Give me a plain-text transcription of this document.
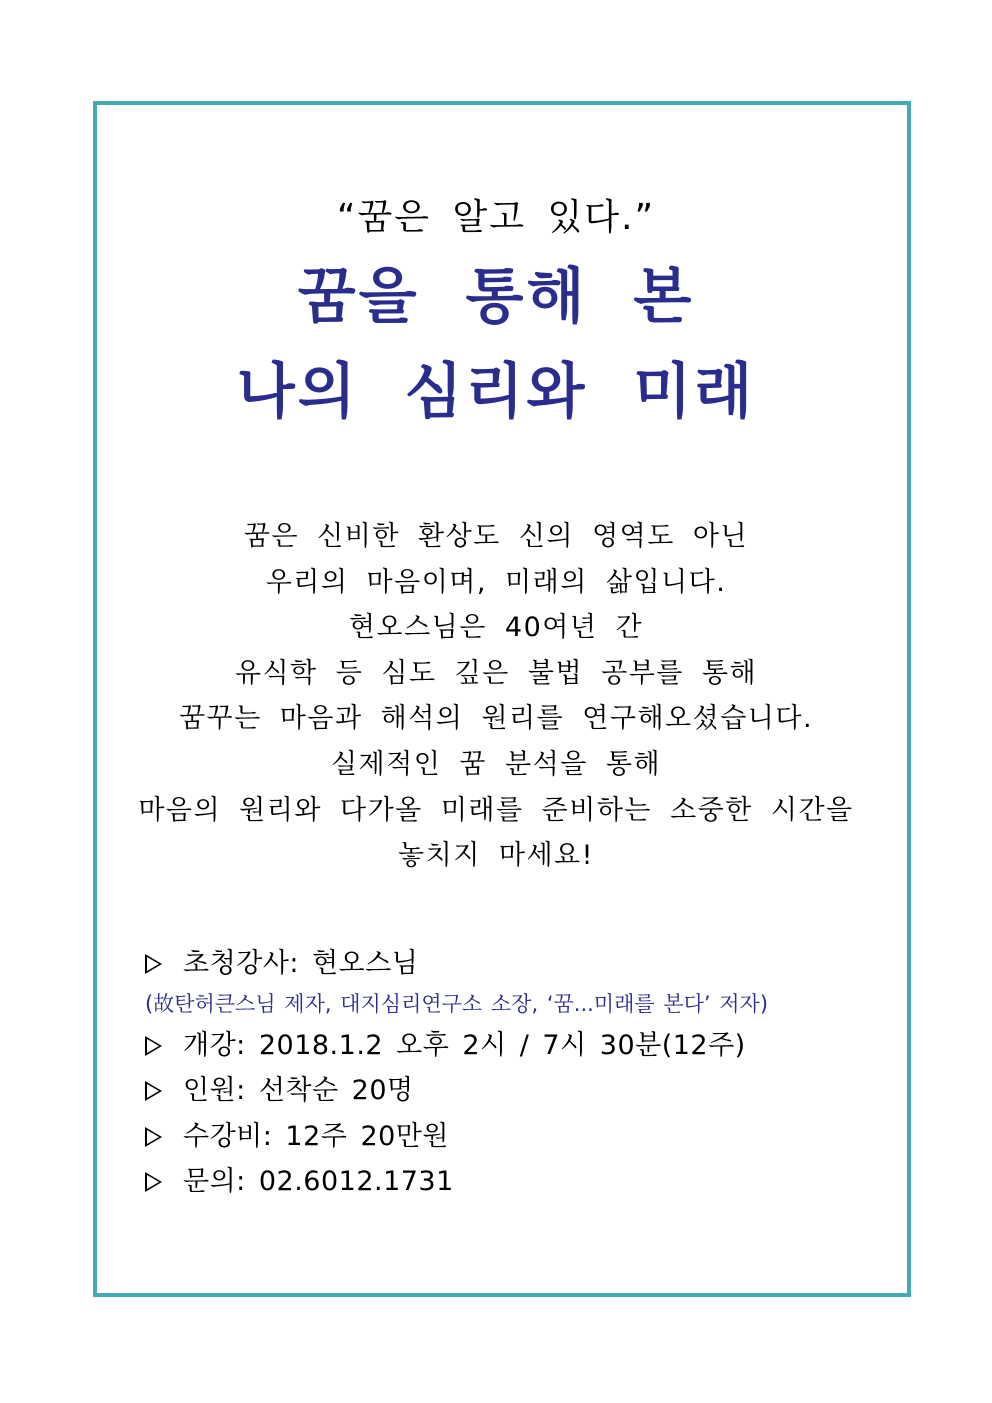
“꿈은 알고 있다.”
꿈을 통해 본
나의 심리와 미래
꿈은 신비한 환상도 신의 영역도 아닌
우리의 마음이며, 미래의 삶입니다.
현오스님은 40여년 간
유식학 등 심도 깊은 불법 공부를 통해
꿈꾸는 마음과 해석의 원리를 연구해오셨습니다.
실제적인 꿈 분석을 통해
마음의 원리와 다가올 미래를 준비하는 소중한 시간을
놓치지 마세요!
초청강사: 현오스님
(故탄허큰스님 제자, 대지심리연구소 소장, ‘꿈...미래를 본다’ 저자)
개강: 2018.1.2 오후 2시 / 7시 30분(12주)
인원: 선착순 20명
수강비: 12주 20만원
문의: 02.6012.1731
